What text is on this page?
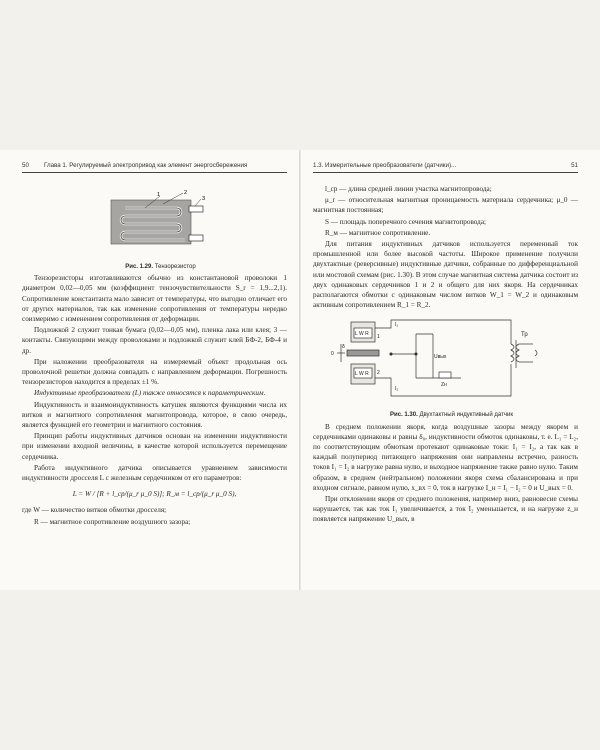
50 Глава 1. Регулируемый электропривод как элемент энергосбережения
2
1
3

Рис. 1.29. Тензорезистор

Тензорезисторы изготавливаются обычно из константановой проволоки 1 диаметром 0,02—0,05 мм (коэффициент тензочувствительности S_r = 1,9...2,1). Сопротивление константанта мало зависит от температуры, что выгодно отличает его от других материалов, так как изменение сопротивления от температуры нередко соизмеримо с изменением сопротивления от деформации.

Подложкой 2 служит тонкая бумага (0,02—0,05 мм), пленка лака или клея; 3 — контакты. Связующими между проволоками и подложкой служит клей БФ-2, БФ-4 и др.

При наложении преобразователя на измеряемый объект продольная ось проволочной решетки должна совпадать с направлением деформации. Погрешность тензорезисторов находится в пределах ±1 %.

Индуктивные преобразователи (L) также относятся к параметрическим.

Индуктивность и взаимоиндуктивность катушек являются функциями числа их витков и магнитного сопротивления магнитопровода, которое, в свою очередь, является функцией его геометрии и магнитного состояния.

Принцип работы индуктивных датчиков основан на изменении индуктивности при изменении входной величины, в качестве которой используется перемещение сердечника.

Работа индуктивного датчика описывается уравнением зависимости индуктивности дросселя L с железным сердечником от его параметров:

L = W / [R + l_ср/(μ_r μ_0 S)]; R_м = l_ср/(μ_r μ_0 S),

где W — количество витков обмотки дросселя;

R — магнитное сопротивление воздушного зазора;

1.3. Измерительные преобразователи (датчики)...	51

l_ср — длина средней линии участка магнитопровода;

μ_r — относительная магнитная проницаемость материала сердечника; μ_0 — магнитная постоянная;

S — площадь поперечного сечения магнитопровода;

R_м — магнитное сопротивление.

Для питания индуктивных датчиков используется переменный ток промышленной или более высокой частоты. Широкое применение получили двухтактные (реверсивные) индуктивные датчики, собранные по дифференциальной или мостовой схемам (рис. 1.30). В этом случае магнитная система датчика состоит из двух одинаковых сердечников 1 и 2 и общего для них якоря. На сердечниках располагаются обмотки с одинаковым числом витков W_1 = W_2 и одинаковым активным сопротивлением R_1 = R_2.

L W R
L W R
I₁
I₂
Uвых
Zн
Тр
δ
1
2
0

Рис. 1.30. Двухтактный индуктивный датчик

В среднем положении якоря, когда воздушные зазоры между якорем и сердечниками одинаковы и равны δ₀, индуктивности обмоток одинаковы, т. е. L₁ = L₂, по соответствующим обмоткам протекают одинаковые токи: I₁ = I₂, а так как в каждый полупериод питающего напряжения они направлены встречно, разность токов I₁ = I₂ в нагрузке равна нулю, и выходное напряжение также равно нулю. Таким образом, в среднем (нейтральном) положении якоря схема сбалансирована и при входном сигнале, равном нулю, x_вх = 0, ток в нагрузке I_н = I₁ − I₂ = 0 и U_вых = 0.

При отклонении якоря от среднего положения, например вниз, равновесие схемы нарушается, так как ток I₁ увеличивается, а ток I₂ уменьшается, и на нагрузке z_н появляется напряжение U_вых, в
